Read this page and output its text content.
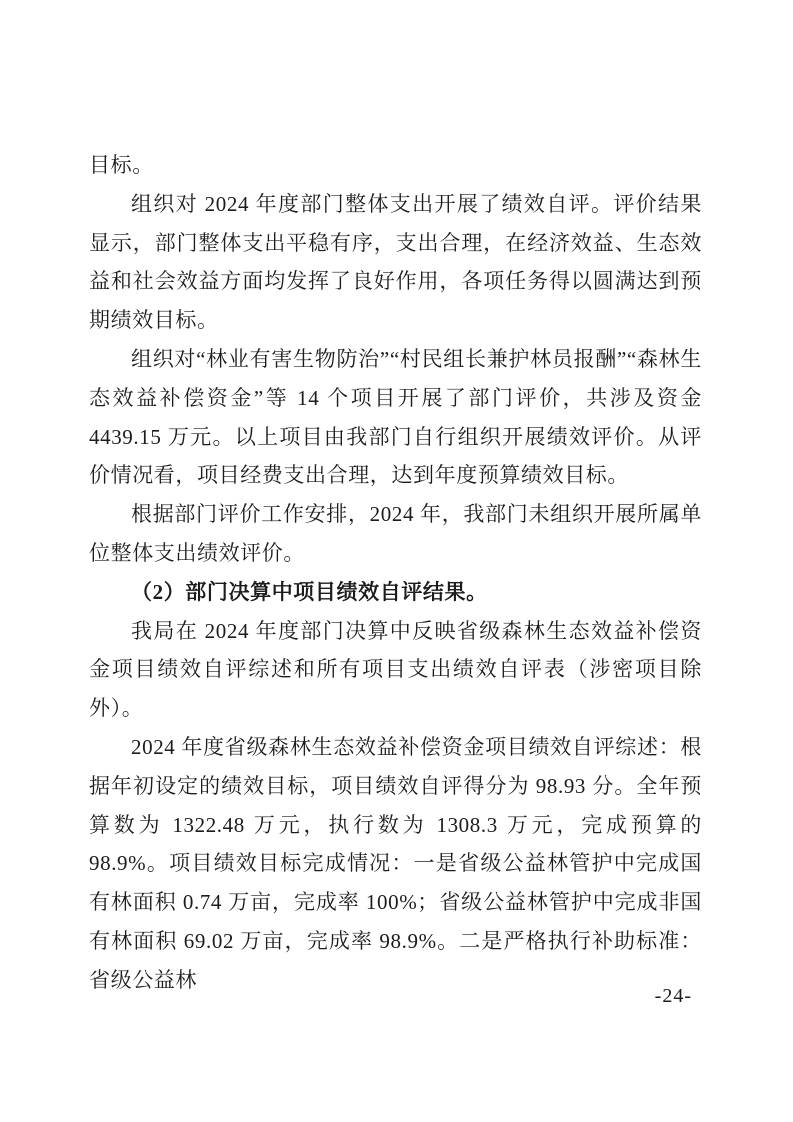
目标。

组织对 2024 年度部门整体支出开展了绩效自评。评价结果显示，部门整体支出平稳有序，支出合理，在经济效益、生态效益和社会效益方面均发挥了良好作用，各项任务得以圆满达到预期绩效目标。

组织对“林业有害生物防治”“村民组长兼护林员报酬”“森林生态效益补偿资金”等 14 个项目开展了部门评价，共涉及资金 4439.15 万元。以上项目由我部门自行组织开展绩效评价。从评价情况看，项目经费支出合理，达到年度预算绩效目标。

根据部门评价工作安排，2024 年，我部门未组织开展所属单位整体支出绩效评价。

（2）部门决算中项目绩效自评结果。

我局在 2024 年度部门决算中反映省级森林生态效益补偿资金项目绩效自评综述和所有项目支出绩效自评表（涉密项目除外）。

2024 年度省级森林生态效益补偿资金项目绩效自评综述：根据年初设定的绩效目标，项目绩效自评得分为 98.93 分。全年预算数为 1322.48 万元，执行数为 1308.3 万元，完成预算的 98.9%。项目绩效目标完成情况：一是省级公益林管护中完成国有林面积 0.74 万亩，完成率 100%；省级公益林管护中完成非国有林面积 69.02 万亩，完成率 98.9%。二是严格执行补助标准：省级公益林

-24-
